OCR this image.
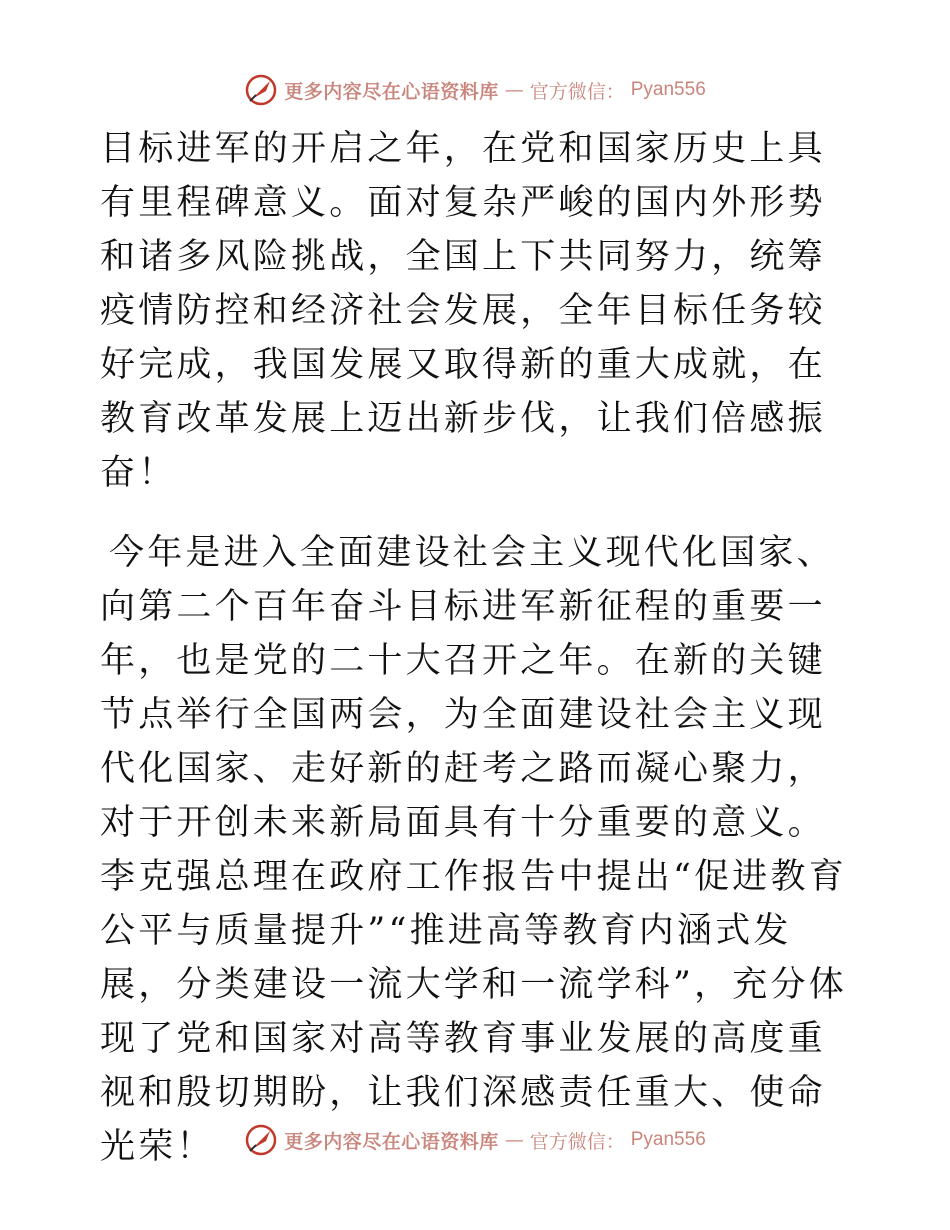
更多内容尽在心语资料库 — 官方微信： Pyan556

目标进军的开启之年，在党和国家历史上具有里程碑意义。面对复杂严峻的国内外形势和诸多风险挑战，全国上下共同努力，统筹疫情防控和经济社会发展，全年目标任务较好完成，我国发展又取得新的重大成就，在教育改革发展上迈出新步伐，让我们倍感振奋！

今年是进入全面建设社会主义现代化国家、向第二个百年奋斗目标进军新征程的重要一年，也是党的二十大召开之年。在新的关键节点举行全国两会，为全面建设社会主义现代化国家、走好新的赶考之路而凝心聚力，对于开创未来新局面具有十分重要的意义。李克强总理在政府工作报告中提出“促进教育公平与质量提升”“推进高等教育内涵式发展，分类建设一流大学和一流学科”，充分体现了党和国家对高等教育事业发展的高度重视和殷切期盼，让我们深感责任重大、使命光荣！	更多内容尽在心语资料库 — 官方微信： Pyan556
